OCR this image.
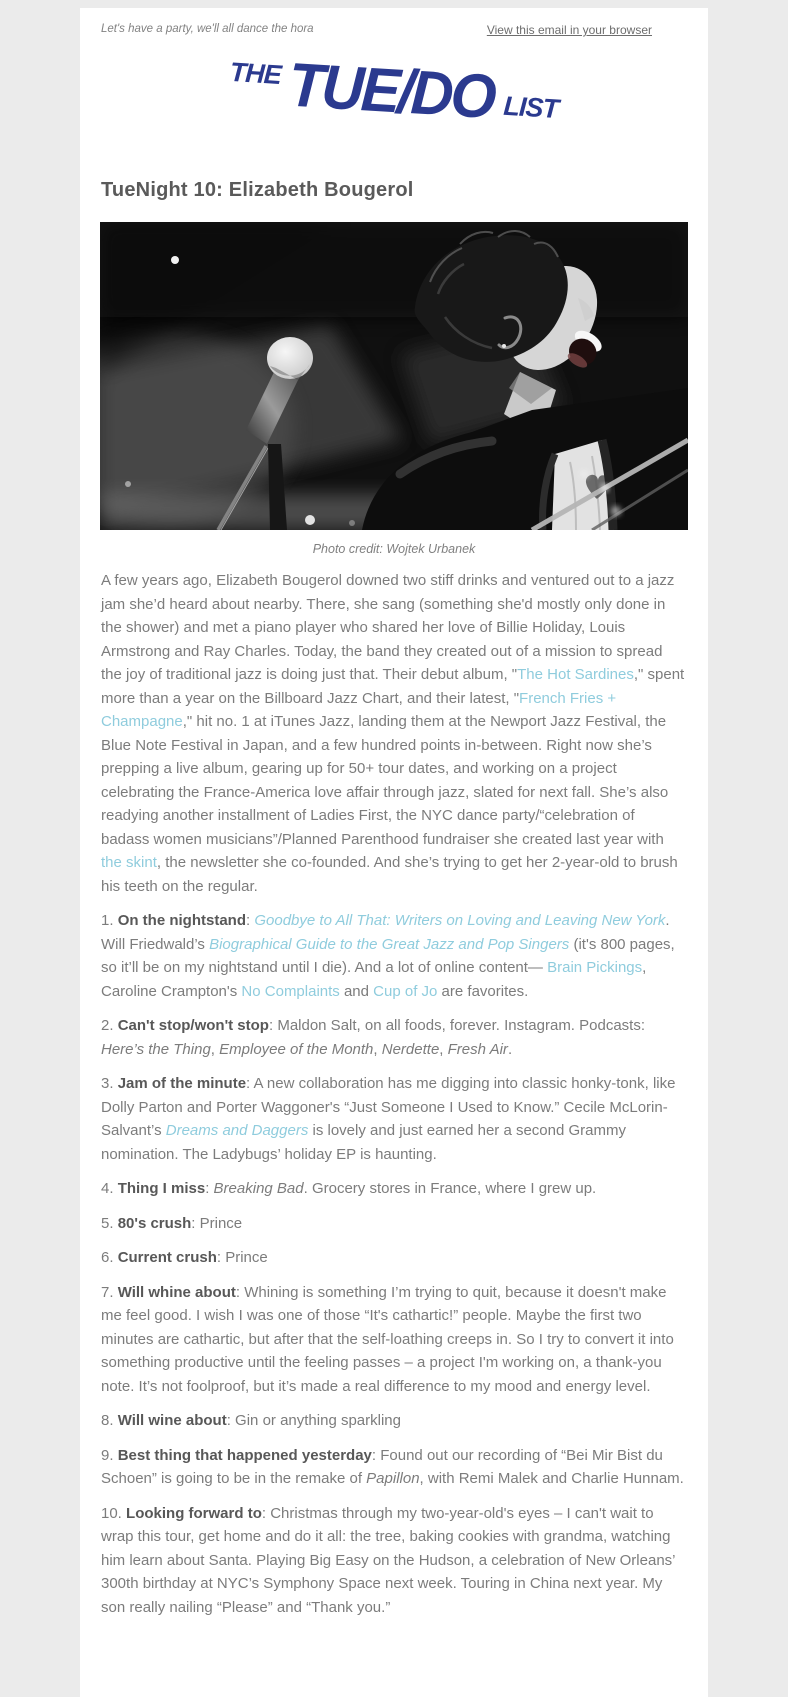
Let's have a party, we'll all dance the hora	View this email in your browser
THE TUE/DO LIST
TueNight 10: Elizabeth Bougerol
Photo credit: Wojtek Urbanek

A few years ago, Elizabeth Bougerol downed two stiff drinks and ventured out to a jazz jam she’d heard about nearby. There, she sang (something she'd mostly only done in the shower) and met a piano player who shared her love of Billie Holiday, Louis Armstrong and Ray Charles. Today, the band they created out of a mission to spread the joy of traditional jazz is doing just that. Their debut album, "The Hot Sardines," spent more than a year on the Billboard Jazz Chart, and their latest, "French Fries + Champagne," hit no. 1 at iTunes Jazz, landing them at the Newport Jazz Festival, the Blue Note Festival in Japan, and a few hundred points in-between. Right now she’s prepping a live album, gearing up for 50+ tour dates, and working on a project celebrating the France-America love affair through jazz, slated for next fall. She’s also readying another installment of Ladies First, the NYC dance party/“celebration of badass women musicians”/Planned Parenthood fundraiser she created last year with the skint, the newsletter she co-founded. And she’s trying to get her 2-year-old to brush his teeth on the regular.

1. On the nightstand: Goodbye to All That: Writers on Loving and Leaving New York. Will Friedwald’s Biographical Guide to the Great Jazz and Pop Singers (it's 800 pages, so it’ll be on my nightstand until I die). And a lot of online content— Brain Pickings, Caroline Crampton's No Complaints and Cup of Jo are favorites.

2. Can't stop/won't stop: Maldon Salt, on all foods, forever. Instagram. Podcasts: Here’s the Thing, Employee of the Month, Nerdette, Fresh Air.

3. Jam of the minute: A new collaboration has me digging into classic honky-tonk, like Dolly Parton and Porter Waggoner's “Just Someone I Used to Know.” Cecile McLorin-Salvant’s Dreams and Daggers is lovely and just earned her a second Grammy nomination. The Ladybugs’ holiday EP is haunting.

4. Thing I miss: Breaking Bad. Grocery stores in France, where I grew up.

5. 80's crush: Prince

6. Current crush: Prince

7. Will whine about: Whining is something I’m trying to quit, because it doesn't make me feel good. I wish I was one of those “It's cathartic!” people. Maybe the first two minutes are cathartic, but after that the self-loathing creeps in. So I try to convert it into something productive until the feeling passes – a project I'm working on, a thank-you note. It’s not foolproof, but it’s made a real difference to my mood and energy level.

8. Will wine about: Gin or anything sparkling

9. Best thing that happened yesterday: Found out our recording of “Bei Mir Bist du Schoen” is going to be in the remake of Papillon, with Remi Malek and Charlie Hunnam.

10. Looking forward to: Christmas through my two-year-old's eyes – I can't wait to wrap this tour, get home and do it all: the tree, baking cookies with grandma, watching him learn about Santa. Playing Big Easy on the Hudson, a celebration of New Orleans’ 300th birthday at NYC’s Symphony Space next week. Touring in China next year. My son really nailing “Please” and “Thank you.”
